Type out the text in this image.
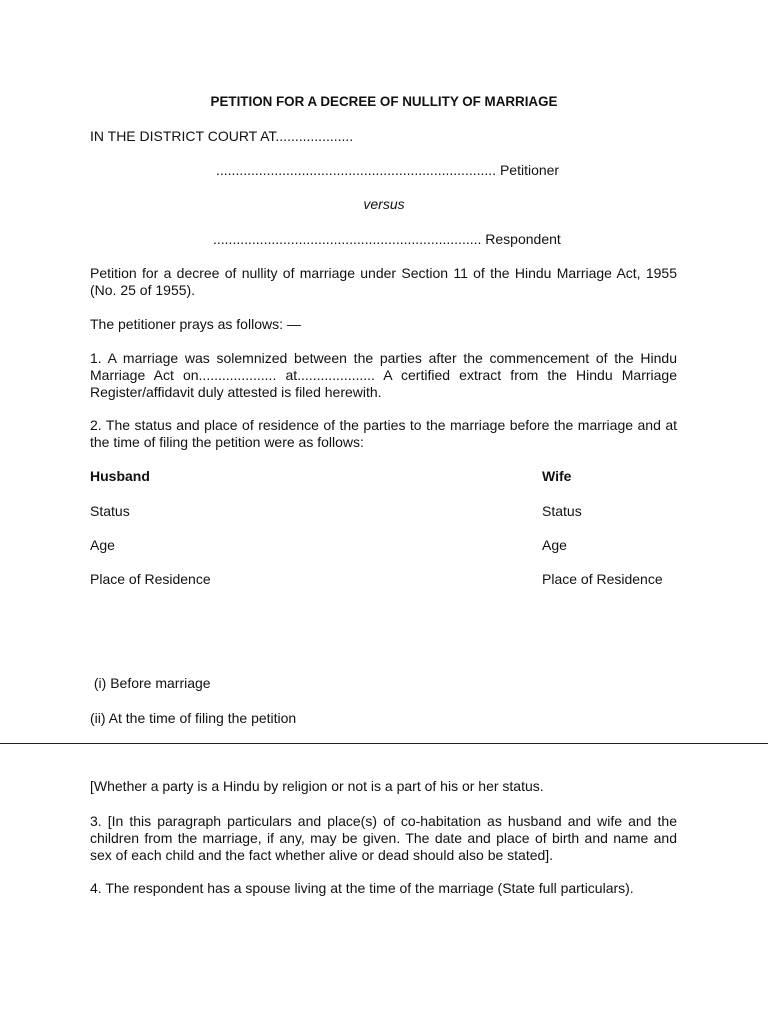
PETITION FOR A DECREE OF NULLITY OF MARRIAGE
IN THE DISTRICT COURT AT....................
........................................................................ Petitioner
versus
..................................................................... Respondent
Petition for a decree of nullity of marriage under Section 11 of the Hindu Marriage Act, 1955 (No. 25 of 1955).
The petitioner prays as follows: —
1. A marriage was solemnized between the parties after the commencement of the Hindu Marriage Act on.................... at.................... A certified extract from the Hindu Marriage Register/affidavit duly attested is filed herewith.
2. The status and place of residence of the parties to the marriage before the marriage and at the time of filing the petition were as follows:
Husband	Wife
Status	Status
Age	Age
Place of Residence	Place of Residence
(i) Before marriage
(ii) At the time of filing the petition
[Whether a party is a Hindu by religion or not is a part of his or her status.
3. [In this paragraph particulars and place(s) of co-habitation as husband and wife and the children from the marriage, if any, may be given. The date and place of birth and name and sex of each child and the fact whether alive or dead should also be stated].
4. The respondent has a spouse living at the time of the marriage (State full particulars).
